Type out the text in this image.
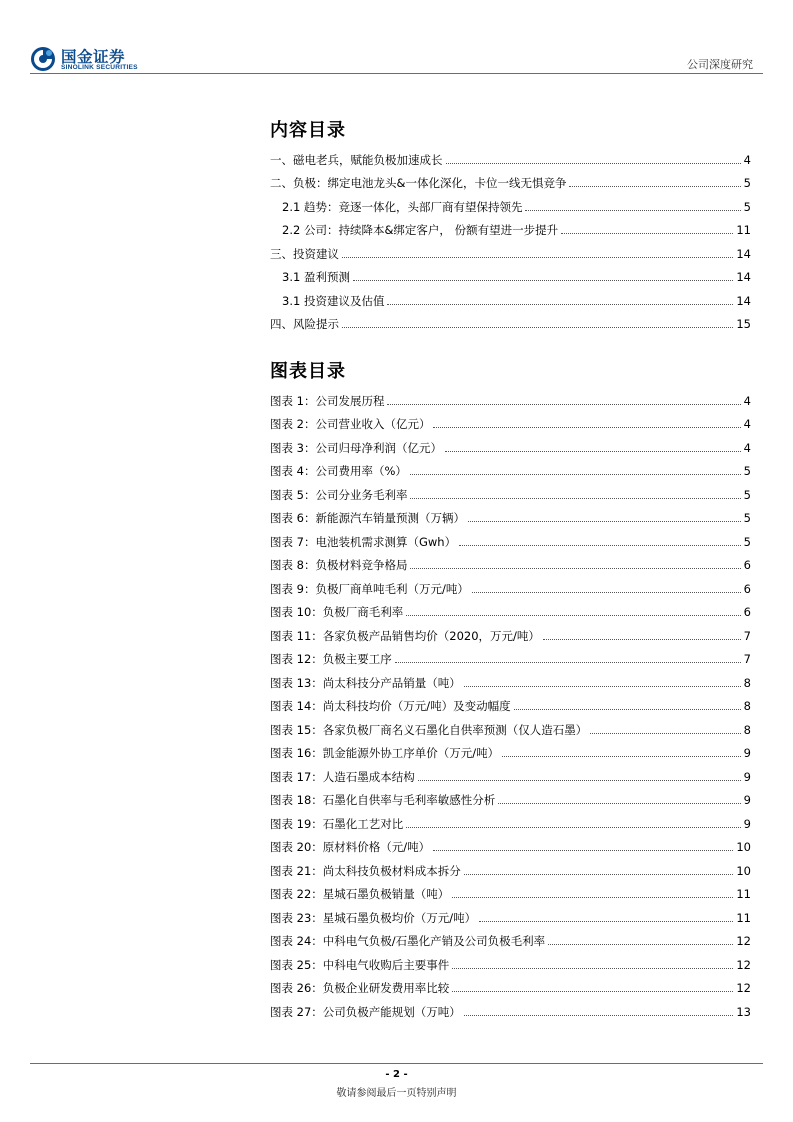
国金证券
SINOLINK SECURITIES	公司深度研究
内容目录
一、磁电老兵，赋能负极加速成长	4
二、负极：绑定电池龙头&一体化深化，卡位一线无惧竞争	5
2.1 趋势：竞逐一体化，头部厂商有望保持领先	5
2.2 公司：持续降本&绑定客户， 份额有望进一步提升	11
三、投资建议	14
3.1 盈利预测	14
3.1 投资建议及估值	14
四、风险提示	15
图表目录
图表 1：公司发展历程	4
图表 2：公司营业收入（亿元）	4
图表 3：公司归母净利润（亿元）	4
图表 4：公司费用率（%）	5
图表 5：公司分业务毛利率	5
图表 6：新能源汽车销量预测（万辆）	5
图表 7：电池装机需求测算（Gwh）	5
图表 8：负极材料竞争格局	6
图表 9：负极厂商单吨毛利（万元/吨）	6
图表 10：负极厂商毛利率	6
图表 11：各家负极产品销售均价（2020，万元/吨）	7
图表 12：负极主要工序	7
图表 13：尚太科技分产品销量（吨）	8
图表 14：尚太科技均价（万元/吨）及变动幅度	8
图表 15：各家负极厂商名义石墨化自供率预测（仅人造石墨）	8
图表 16：凯金能源外协工序单价（万元/吨）	9
图表 17：人造石墨成本结构	9
图表 18：石墨化自供率与毛利率敏感性分析	9
图表 19：石墨化工艺对比	9
图表 20：原材料价格（元/吨）	10
图表 21：尚太科技负极材料成本拆分	10
图表 22：星城石墨负极销量（吨）	11
图表 23：星城石墨负极均价（万元/吨）	11
图表 24：中科电气负极/石墨化产销及公司负极毛利率	12
图表 25：中科电气收购后主要事件	12
图表 26：负极企业研发费用率比较	12
图表 27：公司负极产能规划（万吨）	13
- 2 -
敬请参阅最后一页特别声明
